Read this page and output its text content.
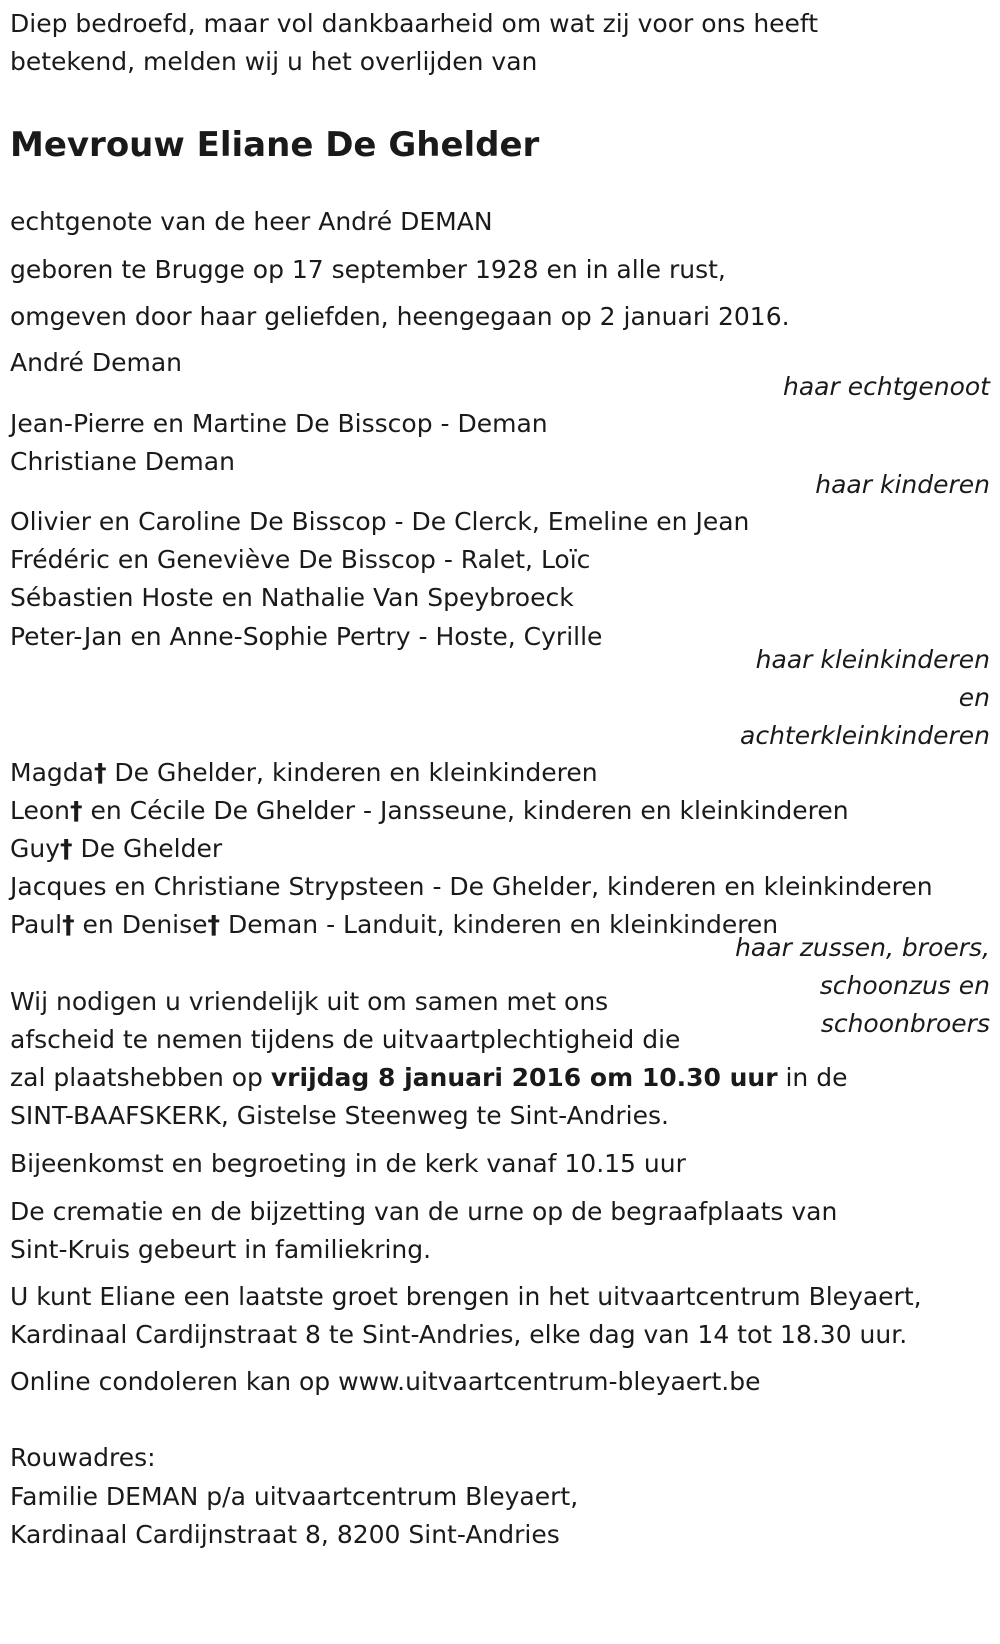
Diep bedroefd, maar vol dankbaarheid om wat zij voor ons heeft
betekend, melden wij u het overlijden van
Mevrouw Eliane De Ghelder
echtgenote van de heer André DEMAN
geboren te Brugge op 17 september 1928 en in alle rust,
omgeven door haar geliefden, heengegaan op 2 januari 2016.
André Deman
haar echtgenoot
Jean-Pierre en Martine De Bisscop - Deman
Christiane Deman
haar kinderen
Olivier en Caroline De Bisscop - De Clerck, Emeline en Jean
Frédéric en Geneviève De Bisscop - Ralet, Loïc
Sébastien Hoste en Nathalie Van Speybroeck
Peter-Jan en Anne-Sophie Pertry - Hoste, Cyrille
haar kleinkinderen
en
achterkleinkinderen
Magda† De Ghelder, kinderen en kleinkinderen
Leon† en Cécile De Ghelder - Jansseune, kinderen en kleinkinderen
Guy† De Ghelder
Jacques en Christiane Strypsteen - De Ghelder, kinderen en kleinkinderen
Paul† en Denise† Deman - Landuit, kinderen en kleinkinderen
haar zussen, broers,
schoonzus en
schoonbroers
Wij nodigen u vriendelijk uit om samen met ons
afscheid te nemen tijdens de uitvaartplechtigheid die
zal plaatshebben op vrijdag 8 januari 2016 om 10.30 uur in de
SINT-BAAFSKERK, Gistelse Steenweg te Sint-Andries.
Bijeenkomst en begroeting in de kerk vanaf 10.15 uur
De crematie en de bijzetting van de urne op de begraafplaats van
Sint-Kruis gebeurt in familiekring.
U kunt Eliane een laatste groet brengen in het uitvaartcentrum Bleyaert,
Kardinaal Cardijnstraat 8 te Sint-Andries, elke dag van 14 tot 18.30 uur.
Online condoleren kan op www.uitvaartcentrum-bleyaert.be
Rouwadres:
Familie DEMAN p/a uitvaartcentrum Bleyaert,
Kardinaal Cardijnstraat 8, 8200 Sint-Andries
